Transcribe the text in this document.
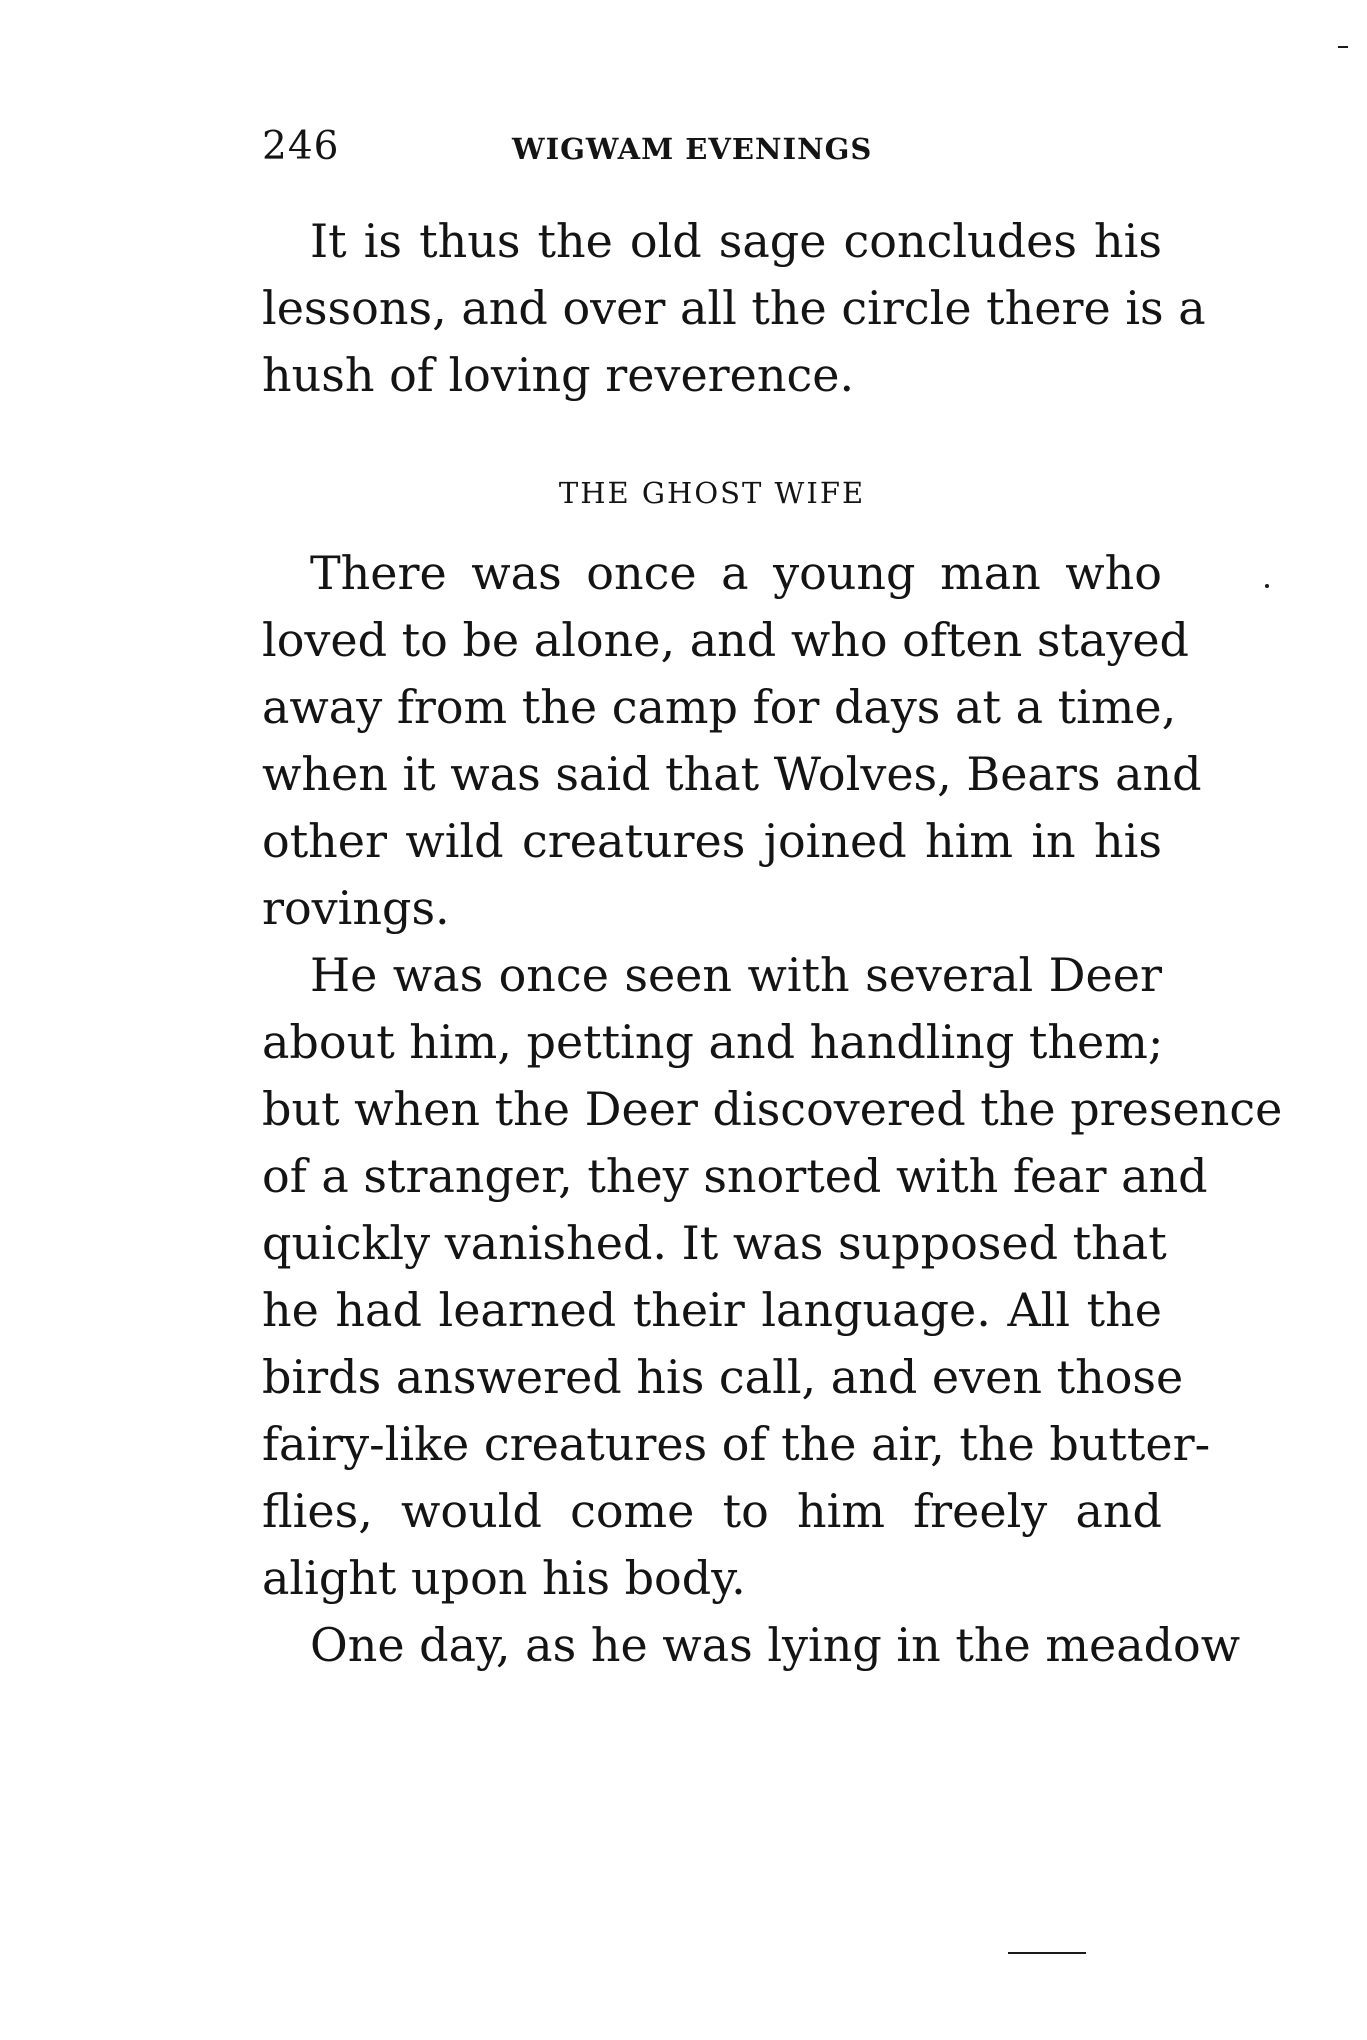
246	WIGWAM EVENINGS
It is thus the old sage concludes his
lessons, and over all the circle there is a
hush of loving reverence.
THE GHOST WIFE
There was once a young man who
loved to be alone, and who often stayed
away from the camp for days at a time,
when it was said that Wolves, Bears and
other wild creatures joined him in his
rovings.
He was once seen with several Deer
about him, petting and handling them;
but when the Deer discovered the presence
of a stranger, they snorted with fear and
quickly vanished. It was supposed that
he had learned their language. All the
birds answered his call, and even those
fairy-like creatures of the air, the butter-
flies, would come to him freely and
alight upon his body.
One day, as he was lying in the meadow
